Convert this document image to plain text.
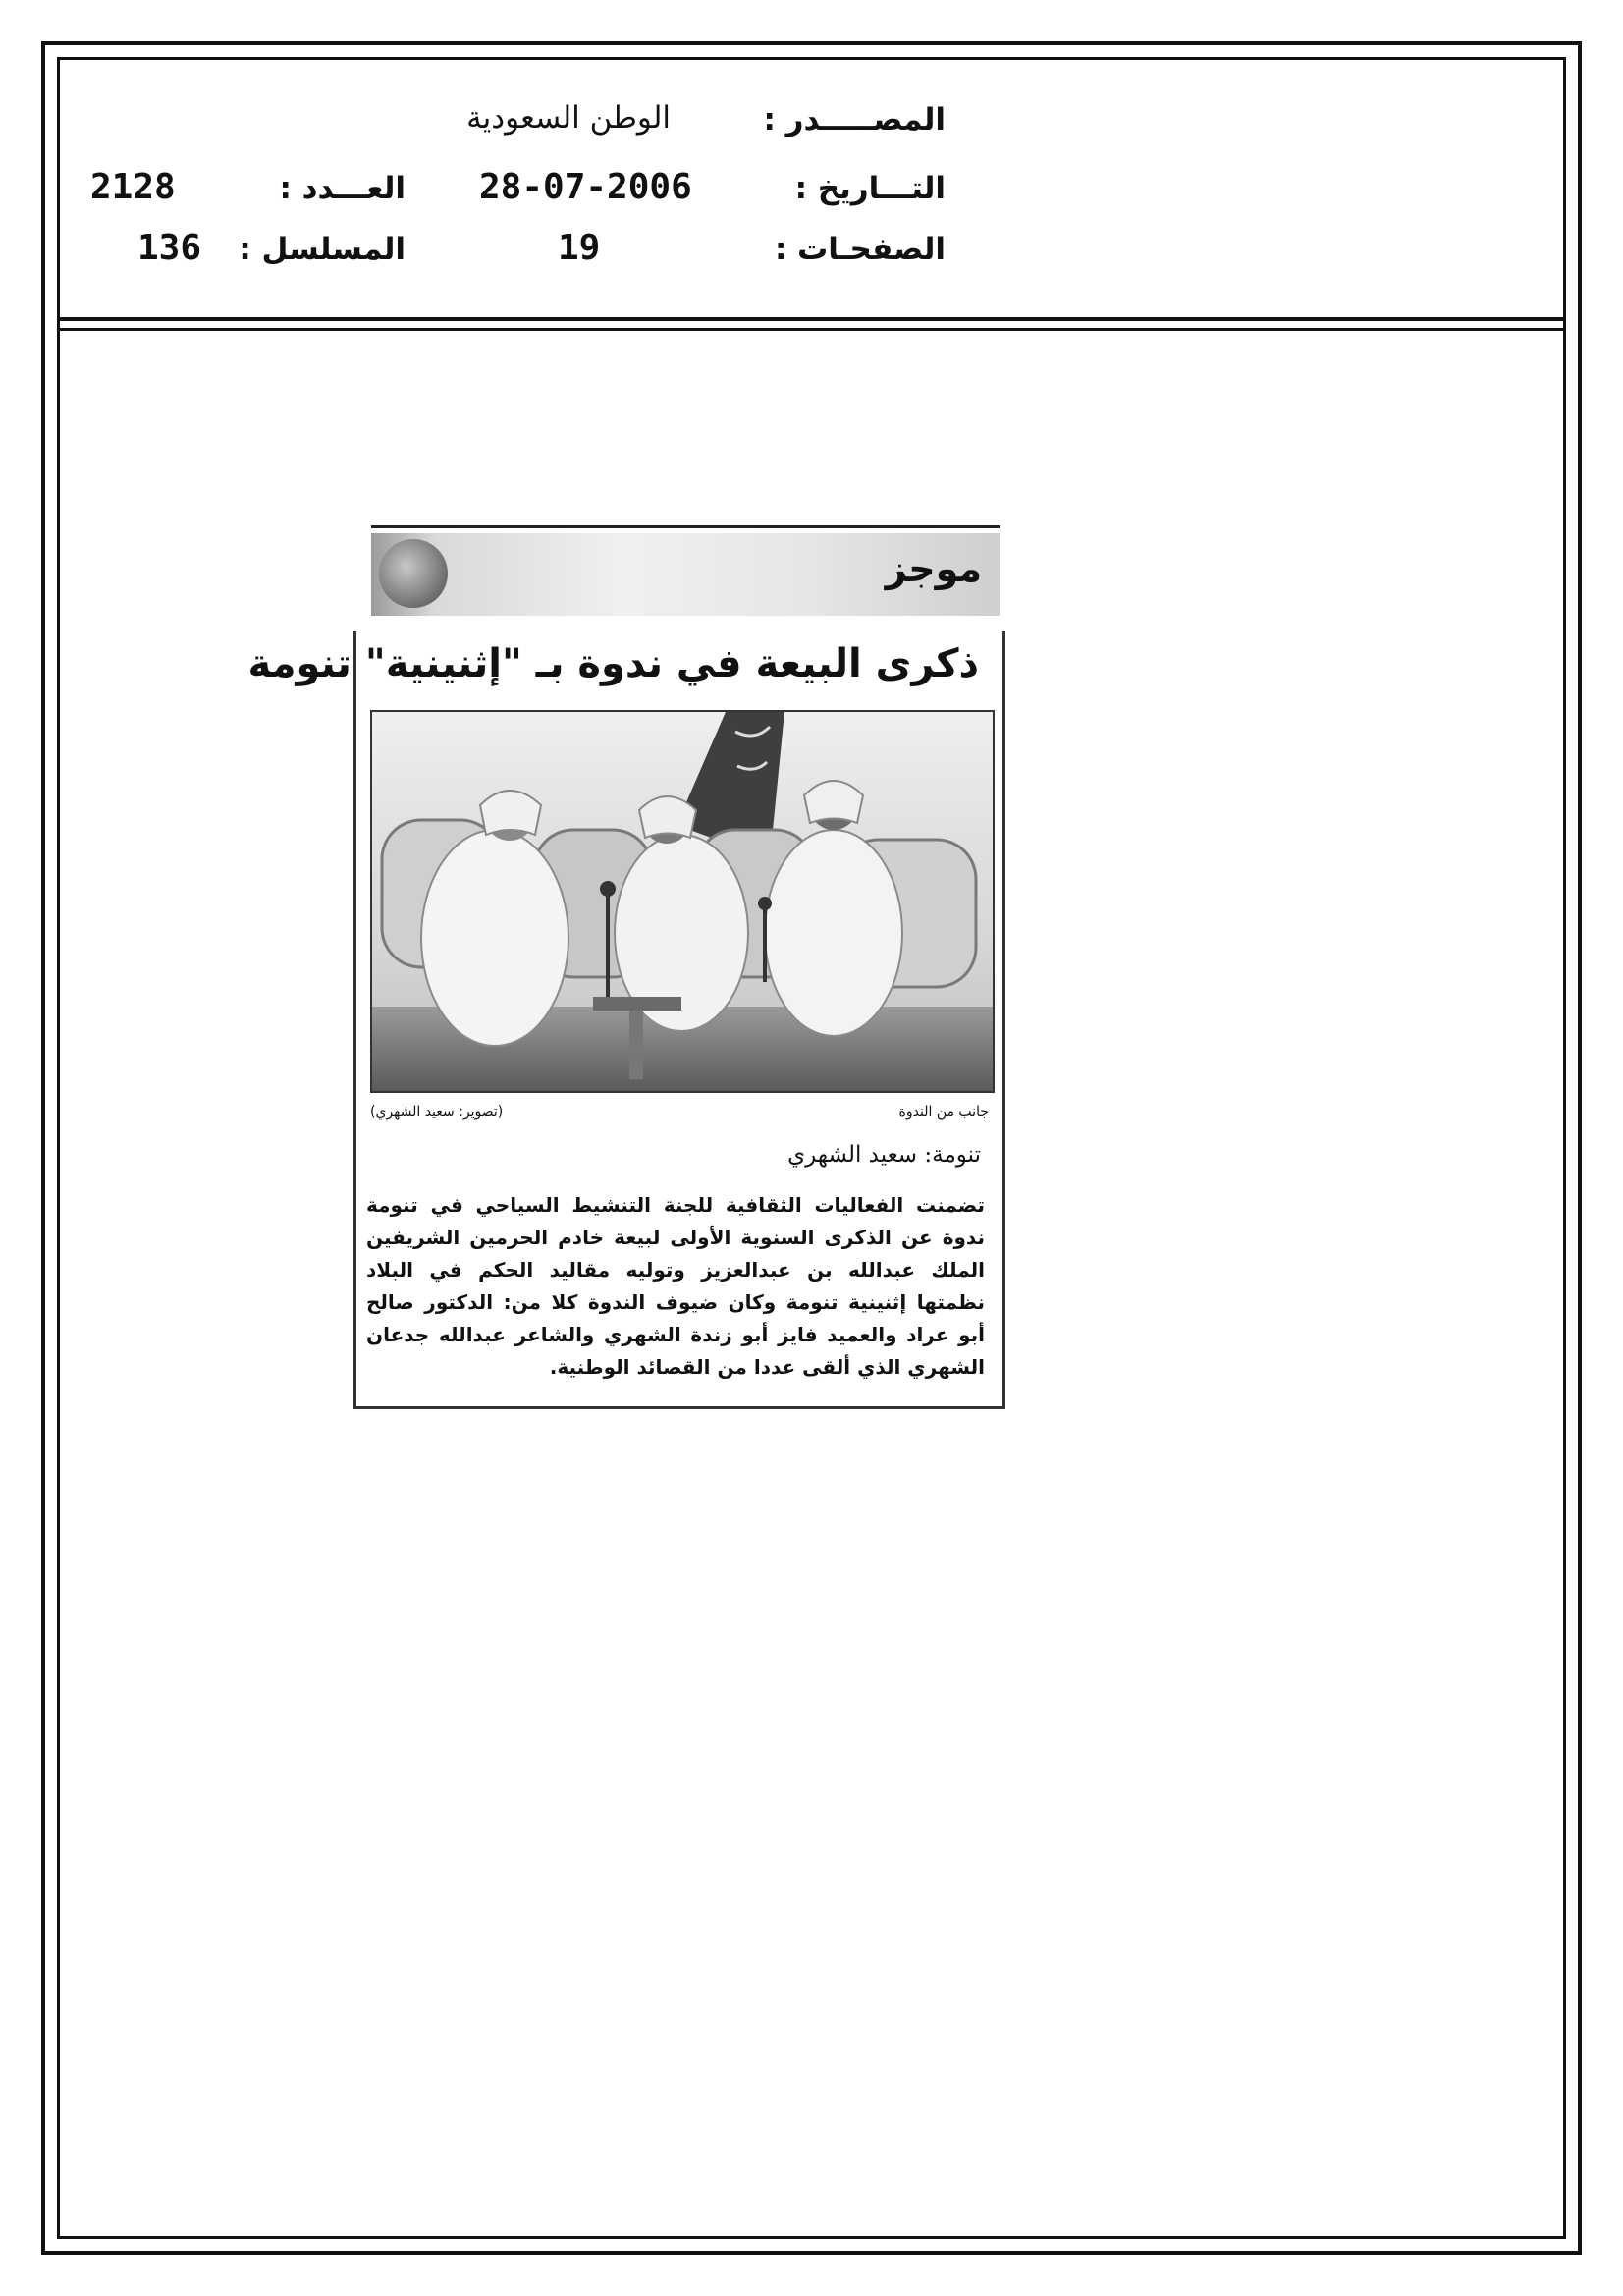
المصـــــدر :
الوطن السعودية
التـــاريخ :
28-07-2006
العـــدد :
2128
الصفحـات :
19
المسلسل :
136
موجز
ذكرى البيعة في ندوة بـ "إثنينية" تنومة
جانب من الندوة
(تصوير: سعيد الشهري)
تنومة: سعيد الشهري
تضمنت الفعاليات الثقافية للجنة التنشيط السياحي في تنومة ندوة عن الذكرى السنوية الأولى لبيعة خادم الحرمين الشريفين الملك عبدالله بن عبدالعزيز وتوليه مقاليد الحكم في البلاد نظمتها إثنينية تنومة وكان ضيوف الندوة كلا من: الدكتور صالح أبو عراد والعميد فايز أبو زندة الشهري والشاعر عبدالله جدعان الشهري الذي ألقى عددا من القصائد الوطنية.
